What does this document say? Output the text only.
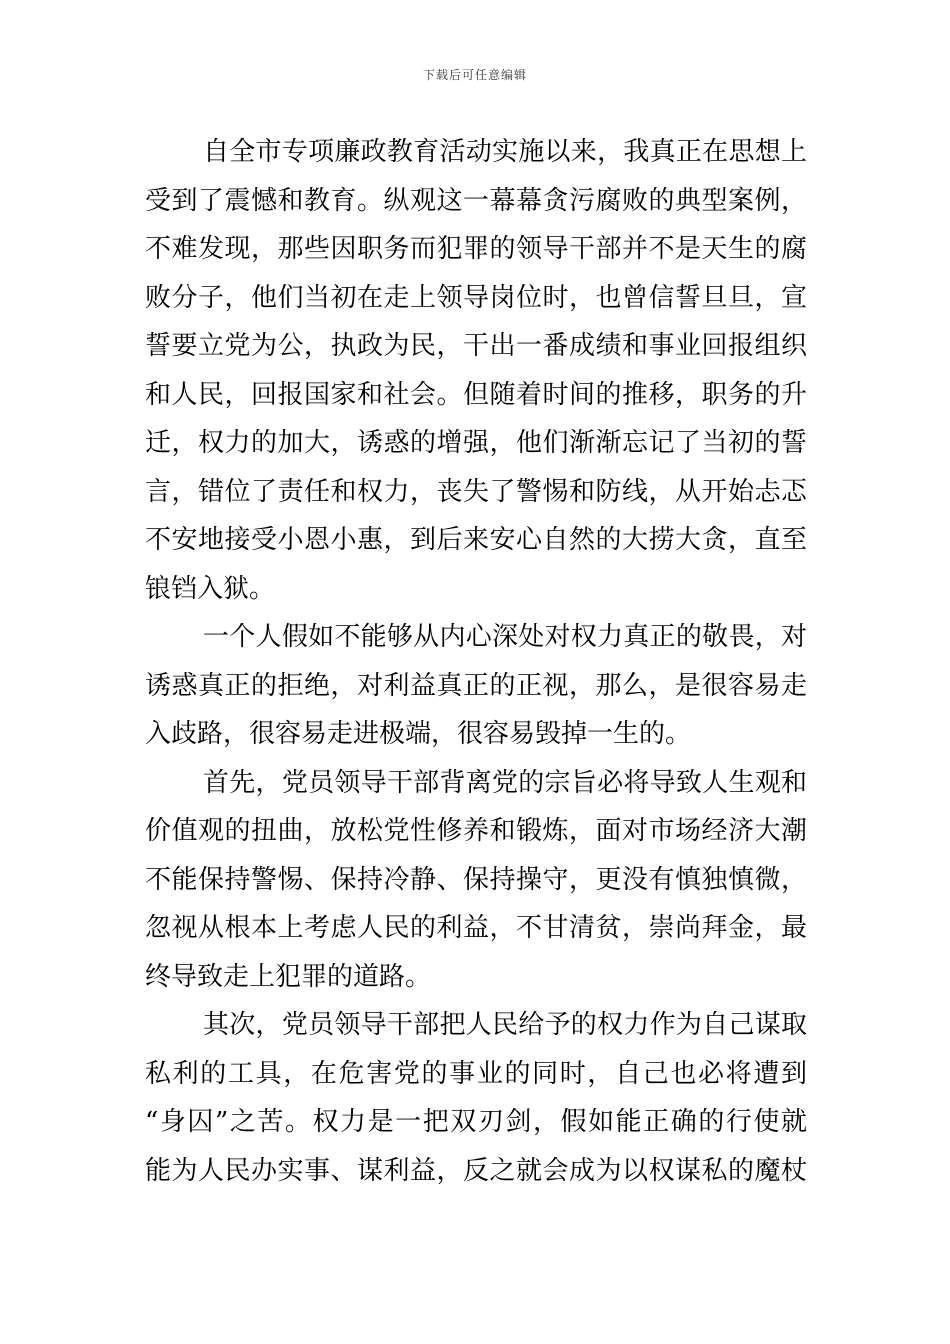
下载后可任意编辑
自全市专项廉政教育活动实施以来，我真正在思想上
受到了震憾和教育。纵观这一幕幕贪污腐败的典型案例，
不难发现，那些因职务而犯罪的领导干部并不是天生的腐
败分子，他们当初在走上领导岗位时，也曾信誓旦旦，宣
誓要立党为公，执政为民，干出一番成绩和事业回报组织
和人民，回报国家和社会。但随着时间的推移，职务的升
迁，权力的加大，诱惑的增强，他们渐渐忘记了当初的誓
言，错位了责任和权力，丧失了警惕和防线，从开始忐忑
不安地接受小恩小惠，到后来安心自然的大捞大贪，直至
锒铛入狱。
一个人假如不能够从内心深处对权力真正的敬畏，对
诱惑真正的拒绝，对利益真正的正视，那么，是很容易走
入歧路，很容易走进极端，很容易毁掉一生的。
首先，党员领导干部背离党的宗旨必将导致人生观和
价值观的扭曲，放松党性修养和锻炼，面对市场经济大潮
不能保持警惕、保持冷静、保持操守，更没有慎独慎微，
忽视从根本上考虑人民的利益，不甘清贫，崇尚拜金，最
终导致走上犯罪的道路。
其次，党员领导干部把人民给予的权力作为自己谋取
私利的工具，在危害党的事业的同时，自己也必将遭到
“身囚”之苦。权力是一把双刃剑，假如能正确的行使就
能为人民办实事、谋利益，反之就会成为以权谋私的魔杖
